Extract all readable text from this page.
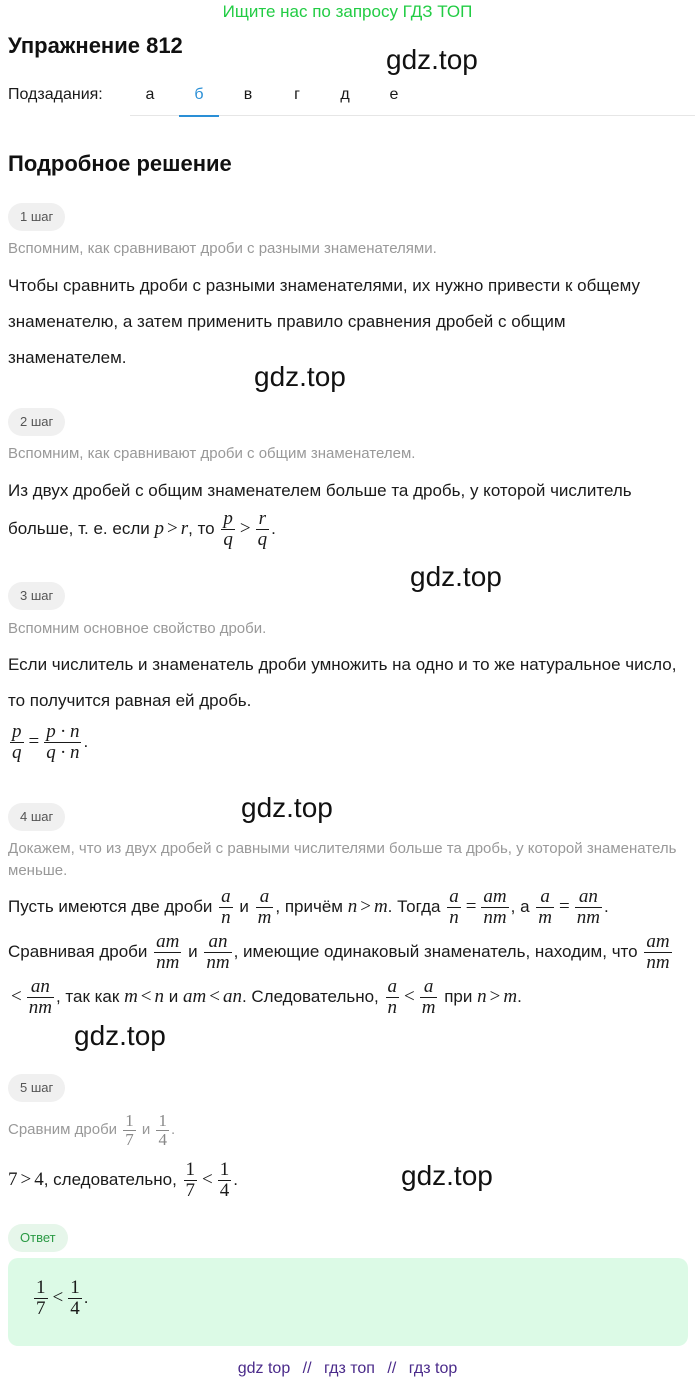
Ищите нас по запросу ГДЗ ТОП
Упражнение 812
Подзадания:	а	б	в	г	д	е
Подробное решение
1 шаг
Вспомним, как сравнивают дроби с разными знаменателями.
Чтобы сравнить дроби с разными знаменателями, их нужно привести к общему знаменателю, а затем применить правило сравнения дробей с общим знаменателем.
2 шаг
Вспомним, как сравнивают дроби с общим знаменателем.
Из двух дробей с общим знаменателем больше та дробь, у которой числитель больше, т. е. если p > r, то $\frac{p}{q} > \frac{r}{q}$ .
3 шаг
Вспомним основное свойство дроби.
Если числитель и знаменатель дроби умножить на одно и то же натуральное число, то получится равная ей дробь.
$\frac{p}{q} = \frac{p \cdot n}{q \cdot n}$ .
4 шаг
Докажем, что из двух дробей с равными числителями больше та дробь, у которой знаменатель меньше.
Пусть имеются две дроби $\frac{a}{n}$ и $\frac{a}{m}$ , причём n > m. Тогда $\frac{a}{n} = \frac{am}{nm}$ , а $\frac{a}{m} = \frac{an}{nm}$ . Сравнивая дроби $\frac{am}{nm}$ и $\frac{an}{nm}$ , имеющие одинаковый знаменатель, находим, что $\frac{am}{nm}$
< $\frac{an}{nm}$ , так как m < n и am < an. Следовательно, $\frac{a}{n} < \frac{a}{m}$ при n > m.
5 шаг
Сравним дроби $\frac{1}{7}$ и $\frac{1}{4}$ .
7 > 4, следовательно, $\frac{1}{7} < \frac{1}{4}$ .
Ответ
$\frac{1}{7} < \frac{1}{4}$ .
gdz top // гдз топ // гдз top
gdz.top
gdz.top
gdz.top
gdz.top
gdz.top
gdz.top
